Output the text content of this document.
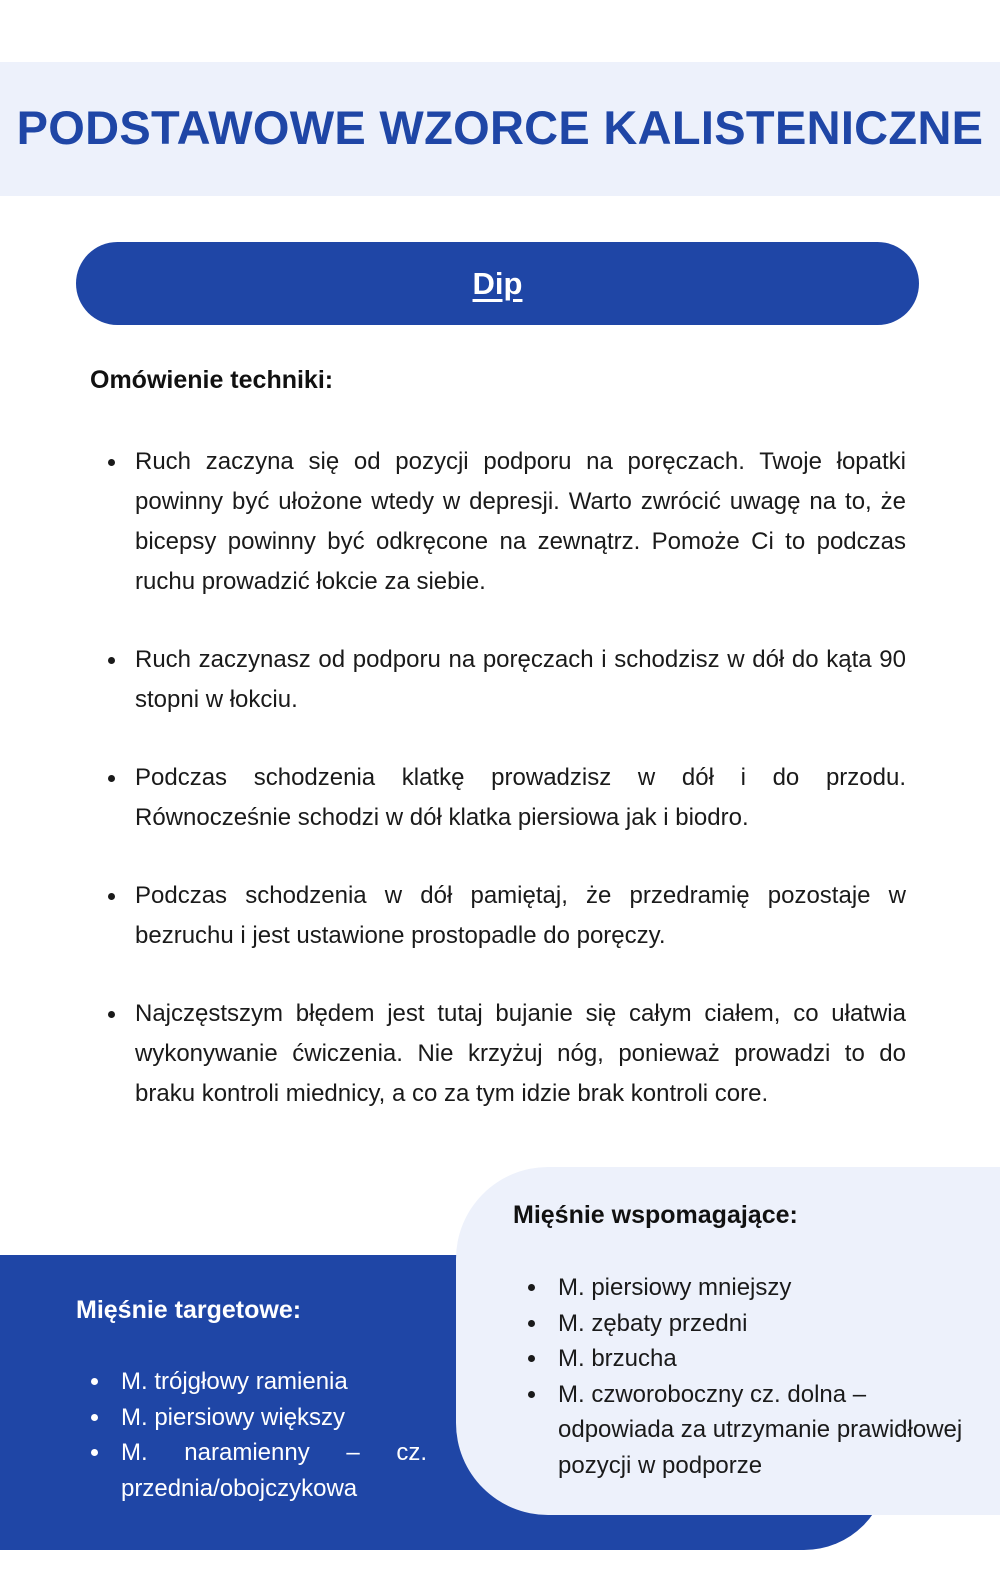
PODSTAWOWE WZORCE KALISTENICZNE
Dip
Omówienie techniki:
Ruch zaczyna się od pozycji podporu na poręczach. Twoje łopatki powinny być ułożone wtedy w depresji. Warto zwrócić uwagę na to, że bicepsy powinny być odkręcone na zewnątrz. Pomoże Ci to podczas ruchu prowadzić łokcie za siebie.
Ruch zaczynasz od podporu na poręczach i schodzisz w dół do kąta 90 stopni w łokciu.
Podczas schodzenia klatkę prowadzisz w dół i do przodu. Równocześnie schodzi w dół klatka piersiowa jak i biodro.
Podczas schodzenia w dół pamiętaj, że przedramię pozostaje w bezruchu i jest ustawione prostopadle do poręczy.
Najczęstszym błędem jest tutaj bujanie się całym ciałem, co ułatwia wykonywanie ćwiczenia. Nie krzyżuj nóg, ponieważ prowadzi to do braku kontroli miednicy, a co za tym idzie brak kontroli core.
Mięśnie targetowe:
M. trójgłowy ramienia
M. piersiowy większy
M. naramienny – cz. przednia/obojczykowa
Mięśnie wspomagające:
M. piersiowy mniejszy
M. zębaty przedni
M. brzucha
M. czworoboczny cz. dolna – odpowiada za utrzymanie prawidłowej pozycji w podporze
